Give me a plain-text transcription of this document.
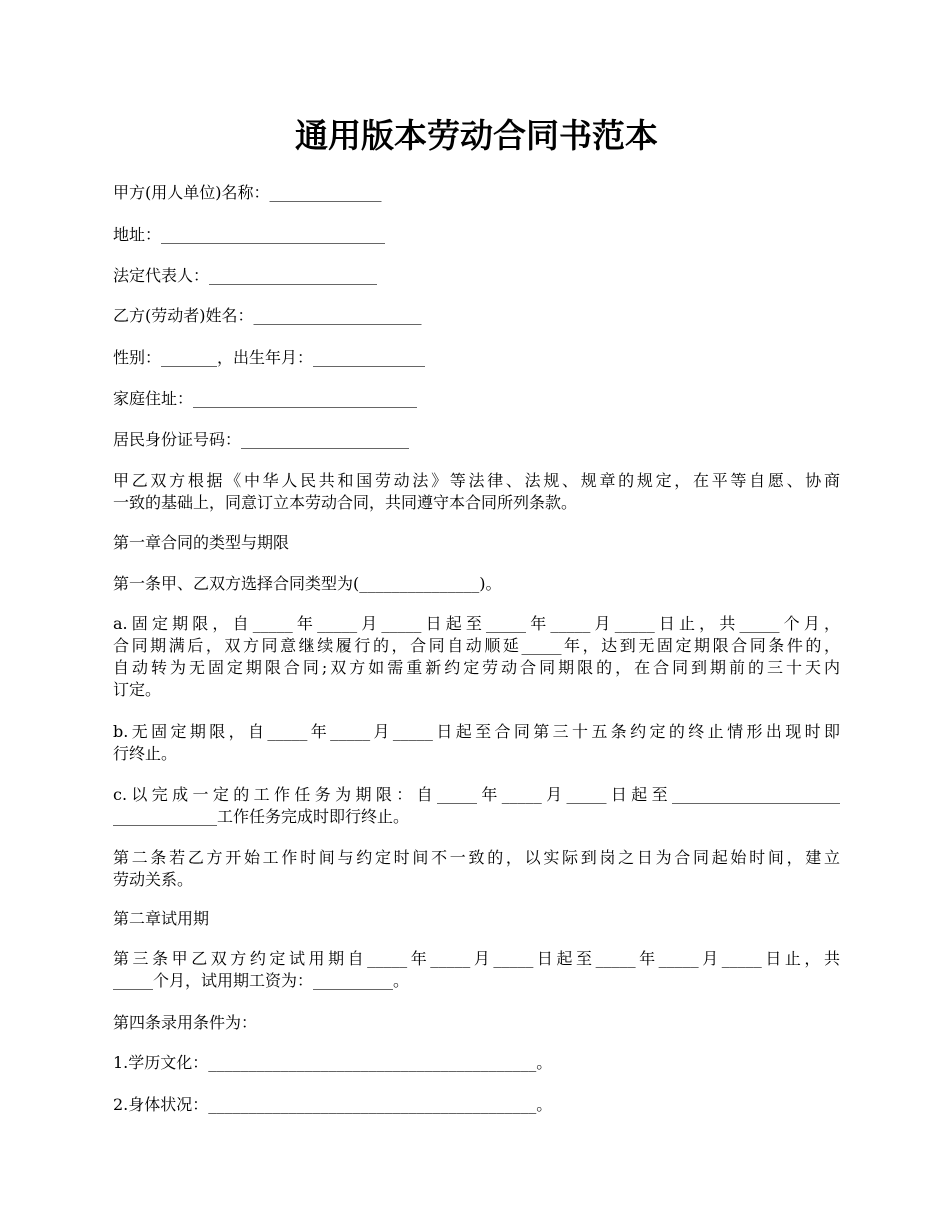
通用版本劳动合同书范本

甲方(用人单位)名称：______________

地址：____________________________

法定代表人：_____________________

乙方(劳动者)姓名：_____________________

性别：_______，出生年月：______________

家庭住址：____________________________

居民身份证号码：_____________________

甲乙双方根据《中华人民共和国劳动法》等法律、法规、规章的规定，在平等自愿、协商
一致的基础上，同意订立本劳动合同，共同遵守本合同所列条款。

第一章合同的类型与期限

第一条甲、乙双方选择合同类型为(_______________)。

a.固定期限，自_____年_____月_____日起至_____年_____月_____日止，共_____个月，
合同期满后，双方同意继续履行的，合同自动顺延_____年，达到无固定期限合同条件的，
自动转为无固定期限合同;双方如需重新约定劳动合同期限的，在合同到期前的三十天内
订定。

b.无固定期限，自_____年_____月_____日起至合同第三十五条约定的终止情形出现时即
行终止。

c.以完成一定的工作任务为期限：自_____年_____月_____日起至_____________________
_____________工作任务完成时即行终止。

第二条若乙方开始工作时间与约定时间不一致的，以实际到岗之日为合同起始时间，建立
劳动关系。

第二章试用期

第三条甲乙双方约定试用期自_____年_____月_____日起至_____年_____月_____日止，共
_____个月，试用期工资为：__________。

第四条录用条件为：

1.学历文化：_________________________________________。

2.身体状况：_________________________________________。
